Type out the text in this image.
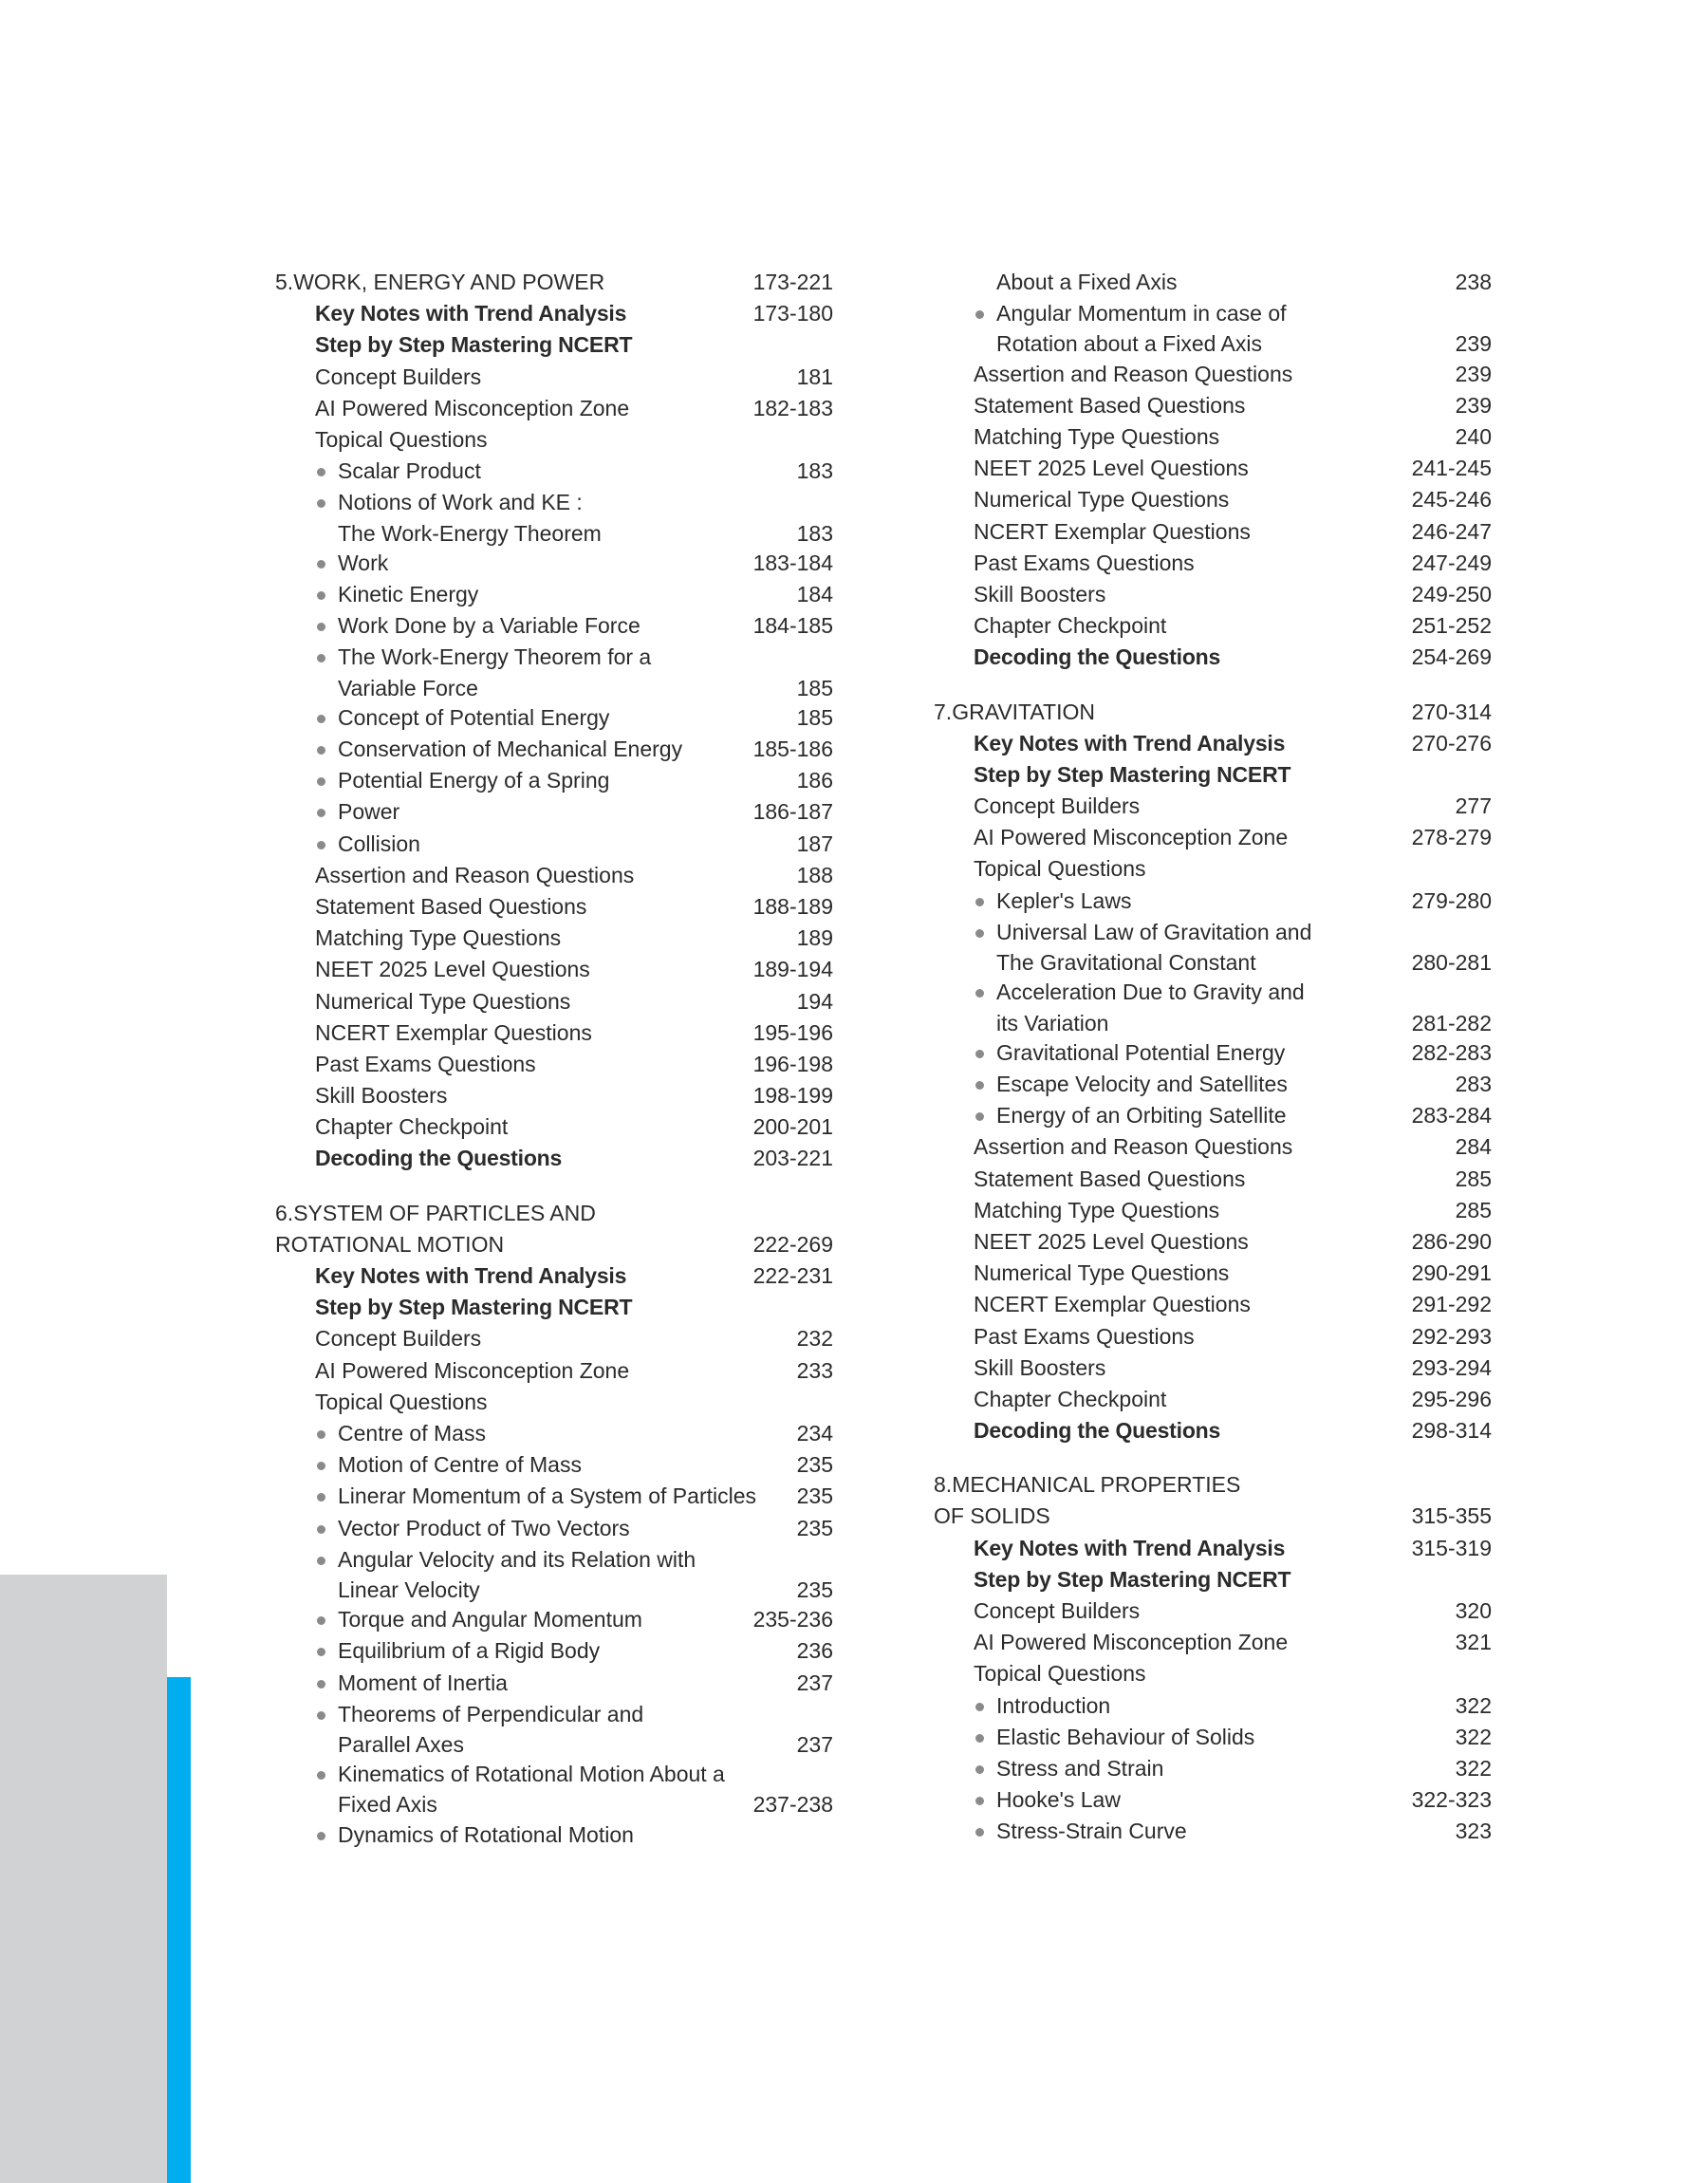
5. WORK, ENERGY AND POWER	173-221
Key Notes with Trend Analysis	173-180
Step by Step Mastering NCERT
Concept Builders	181
AI Powered Misconception Zone	182-183
Topical Questions
Scalar Product	183
Notions of Work and KE :
The Work-Energy Theorem	183
Work	183-184
Kinetic Energy	184
Work Done by a Variable Force	184-185
The Work-Energy Theorem for a
Variable Force	185
Concept of Potential Energy	185
Conservation of Mechanical Energy	185-186
Potential Energy of a Spring	186
Power	186-187
Collision	187
Assertion and Reason Questions	188
Statement Based Questions	188-189
Matching Type Questions	189
NEET 2025 Level Questions	189-194
Numerical Type Questions	194
NCERT Exemplar Questions	195-196
Past Exams Questions	196-198
Skill Boosters	198-199
Chapter Checkpoint	200-201
Decoding the Questions	203-221
6. SYSTEM OF PARTICLES AND
ROTATIONAL MOTION	222-269
Key Notes with Trend Analysis	222-231
Step by Step Mastering NCERT
Concept Builders	232
AI Powered Misconception Zone	233
Topical Questions
Centre of Mass	234
Motion of Centre of Mass	235
Linerar Momentum of a System of Particles 235
Vector Product of Two Vectors	235
Angular Velocity and its Relation with
Linear Velocity	235
Torque and Angular Momentum	235-236
Equilibrium of a Rigid Body	236
Moment of Inertia	237
Theorems of Perpendicular and
Parallel Axes	237
Kinematics of Rotational Motion About a
Fixed Axis	237-238
Dynamics of Rotational Motion
About a Fixed Axis	238
Angular Momentum in case of
Rotation about a Fixed Axis	239
Assertion and Reason Questions	239
Statement Based Questions	239
Matching Type Questions	240
NEET 2025 Level Questions	241-245
Numerical Type Questions	245-246
NCERT Exemplar Questions	246-247
Past Exams Questions	247-249
Skill Boosters	249-250
Chapter Checkpoint	251-252
Decoding the Questions	254-269
7. GRAVITATION	270-314
Key Notes with Trend Analysis	270-276
Step by Step Mastering NCERT
Concept Builders	277
AI Powered Misconception Zone	278-279
Topical Questions
Kepler's Laws	279-280
Universal Law of Gravitation and
The Gravitational Constant	280-281
Acceleration Due to Gravity and
its Variation	281-282
Gravitational Potential Energy	282-283
Escape Velocity and Satellites	283
Energy of an Orbiting Satellite	283-284
Assertion and Reason Questions	284
Statement Based Questions	285
Matching Type Questions	285
NEET 2025 Level Questions	286-290
Numerical Type Questions	290-291
NCERT Exemplar Questions	291-292
Past Exams Questions	292-293
Skill Boosters	293-294
Chapter Checkpoint	295-296
Decoding the Questions	298-314
8. MECHANICAL PROPERTIES
OF SOLIDS	315-355
Key Notes with Trend Analysis	315-319
Step by Step Mastering NCERT
Concept Builders	320
AI Powered Misconception Zone	321
Topical Questions
Introduction	322
Elastic Behaviour of Solids	322
Stress and Strain	322
Hooke's Law	322-323
Stress-Strain Curve	323
